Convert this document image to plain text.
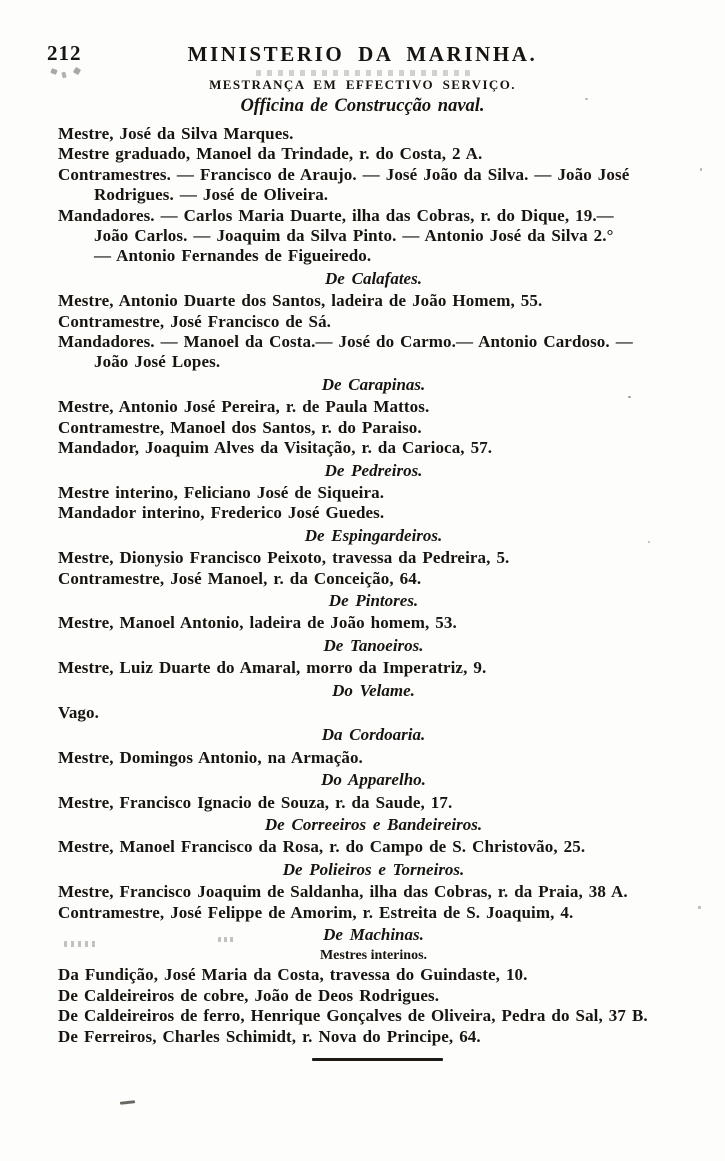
212	MINISTERIO DA MARINHA.
MESTRANÇA EM EFFECTIVO SERVIÇO.
Officina de Construcção naval.
Mestre, José da Silva Marques.
Mestre graduado, Manoel da Trindade, r. do Costa, 2 A.
Contramestres. — Francisco de Araujo. — José João da Silva. — João José
Rodrigues. — José de Oliveira.
Mandadores. — Carlos Maria Duarte, ilha das Cobras, r. do Dique, 19.—
João Carlos. — Joaquim da Silva Pinto. — Antonio José da Silva 2.°
— Antonio Fernandes de Figueiredo.
De Calafates.
Mestre, Antonio Duarte dos Santos, ladeira de João Homem, 55.
Contramestre, José Francisco de Sá.
Mandadores. — Manoel da Costa.— José do Carmo.— Antonio Cardoso. —
João José Lopes.
De Carapinas.
Mestre, Antonio José Pereira, r. de Paula Mattos.
Contramestre, Manoel dos Santos, r. do Paraiso.
Mandador, Joaquim Alves da Visitação, r. da Carioca, 57.
De Pedreiros.
Mestre interino, Feliciano José de Siqueira.
Mandador interino, Frederico José Guedes.
De Espingardeiros.
Mestre, Dionysio Francisco Peixoto, travessa da Pedreira, 5.
Contramestre, José Manoel, r. da Conceição, 64.
De Pintores.
Mestre, Manoel Antonio, ladeira de João homem, 53.
De Tanoeiros.
Mestre, Luiz Duarte do Amaral, morro da Imperatriz, 9.
Do Velame.
Vago.
Da Cordoaria.
Mestre, Domingos Antonio, na Armação.
Do Apparelho.
Mestre, Francisco Ignacio de Souza, r. da Saude, 17.
De Correeiros e Bandeireiros.
Mestre, Manoel Francisco da Rosa, r. do Campo de S. Christovão, 25.
De Polieiros e Torneiros.
Mestre, Francisco Joaquim de Saldanha, ilha das Cobras, r. da Praia, 38 A.
Contramestre, José Felippe de Amorim, r. Estreita de S. Joaquim, 4.
De Machinas.
Mestres interinos.
Da Fundição, José Maria da Costa, travessa do Guindaste, 10.
De Caldeireiros de cobre, João de Deos Rodrigues.
De Caldeireiros de ferro, Henrique Gonçalves de Oliveira, Pedra do Sal, 37 B.
De Ferreiros, Charles Schimidt, r. Nova do Principe, 64.
